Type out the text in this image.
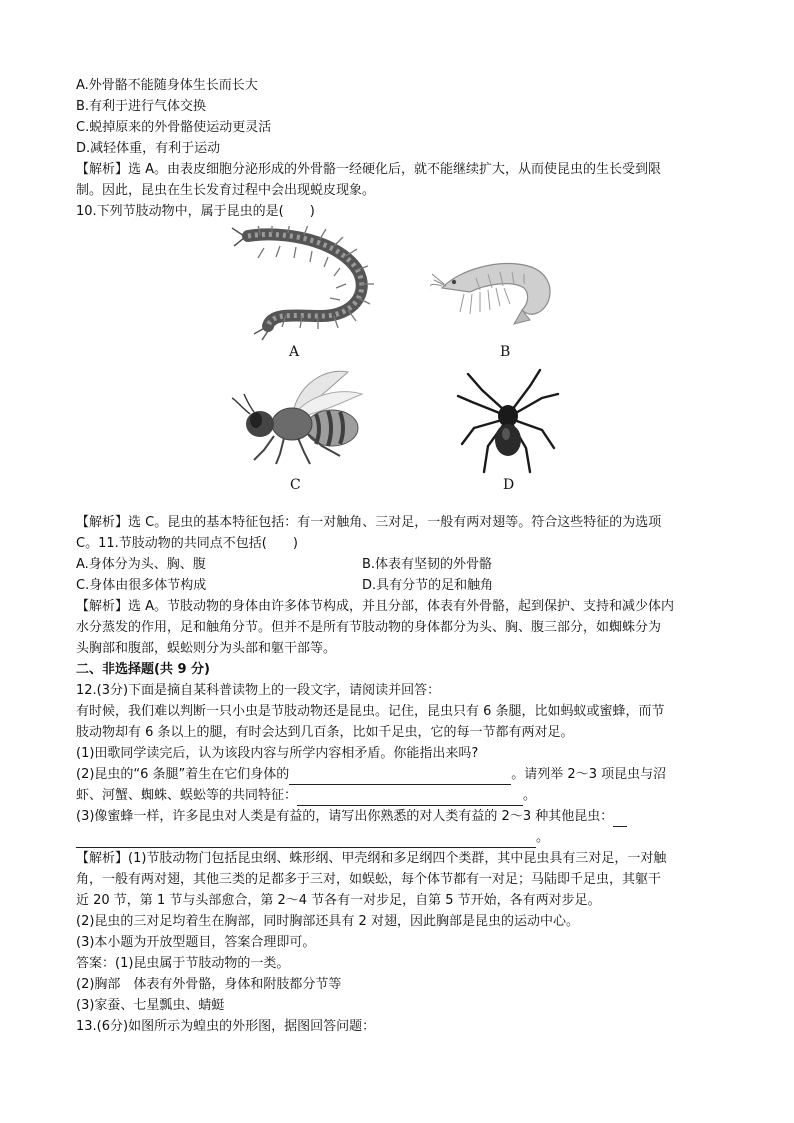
A.外骨骼不能随身体生长而长大
B.有利于进行气体交换
C.蜕掉原来的外骨骼使运动更灵活
D.减轻体重，有利于运动
【解析】选 A。由表皮细胞分泌形成的外骨骼一经硬化后，就不能继续扩大，从而使昆虫的生长受到限
制。因此，昆虫在生长发育过程中会出现蜕皮现象。
10.下列节肢动物中，属于昆虫的是(　　)
A	B
C	D
【解析】选 C。昆虫的基本特征包括：有一对触角、三对足，一般有两对翅等。符合这些特征的为选项
C。11.节肢动物的共同点不包括(　　)
A.身体分为头、胸、腹	B.体表有坚韧的外骨骼
C.身体由很多体节构成	D.具有分节的足和触角
【解析】选 A。节肢动物的身体由许多体节构成，并且分部，体表有外骨骼，起到保护、支持和减少体内
水分蒸发的作用，足和触角分节。但并不是所有节肢动物的身体都分为头、胸、腹三部分，如蜘蛛分为
头胸部和腹部，蜈蚣则分为头部和躯干部等。
二、非选择题(共 9 分)
12.(3分)下面是摘自某科普读物上的一段文字，请阅读并回答：
有时候，我们难以判断一只小虫是节肢动物还是昆虫。记住，昆虫只有 6 条腿，比如蚂蚁或蜜蜂，而节
肢动物却有 6 条以上的腿，有时会达到几百条，比如千足虫，它的每一节都有两对足。
(1)田歌同学读完后，认为该段内容与所学内容相矛盾。你能指出来吗?
(2)昆虫的“6 条腿”着生在它们身体的	。请列举 2～3 项昆虫与沼
虾、河蟹、蜘蛛、蜈蚣等的共同特征：	。
(3)像蜜蜂一样，许多昆虫对人类是有益的，请写出你熟悉的对人类有益的 2～3 种其他昆虫：
。
【解析】(1)节肢动物门包括昆虫纲、蛛形纲、甲壳纲和多足纲四个类群，其中昆虫具有三对足，一对触
角，一般有两对翅，其他三类的足都多于三对，如蜈蚣，每个体节都有一对足；马陆即千足虫，其躯干
近 20 节，第 1 节与头部愈合，第 2～4 节各有一对步足，自第 5 节开始，各有两对步足。
(2)昆虫的三对足均着生在胸部，同时胸部还具有 2 对翅，因此胸部是昆虫的运动中心。
(3)本小题为开放型题目，答案合理即可。
答案：(1)昆虫属于节肢动物的一类。
(2)胸部　体表有外骨骼，身体和附肢都分节等
(3)家蚕、七星瓢虫、蜻蜓
13.(6分)如图所示为蝗虫的外形图，据图回答问题：
